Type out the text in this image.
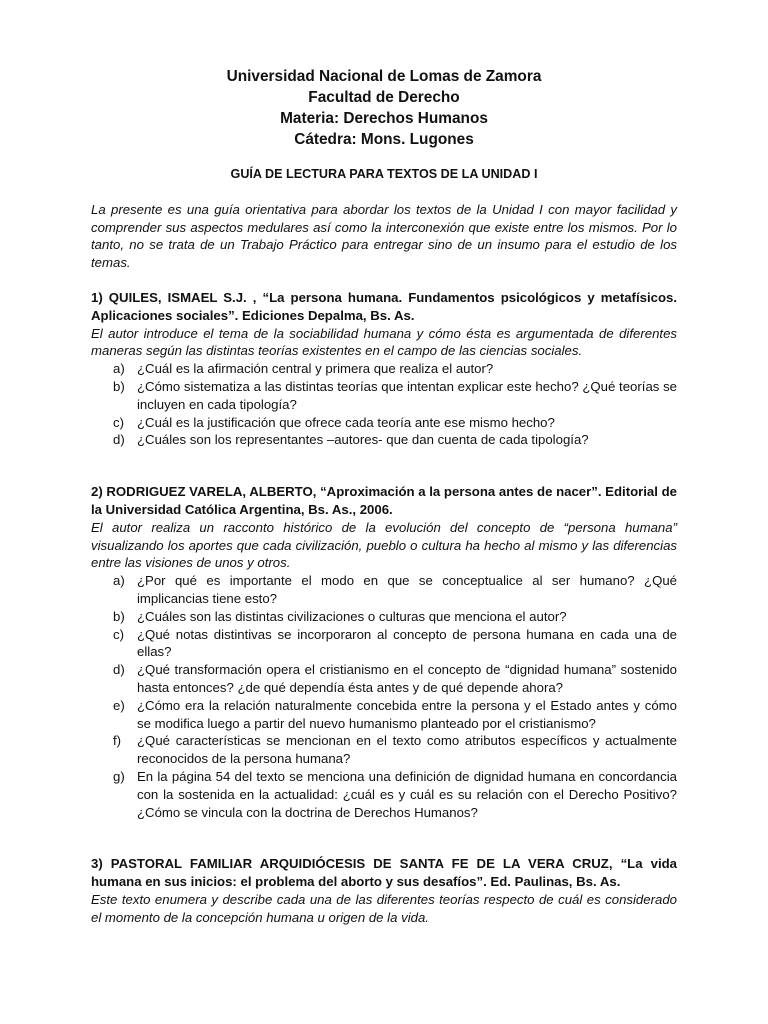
Universidad Nacional de Lomas de Zamora
Facultad de Derecho
Materia: Derechos Humanos
Cátedra: Mons. Lugones
GUÍA DE LECTURA PARA TEXTOS DE LA UNIDAD I

La presente es una guía orientativa para abordar los textos de la Unidad I con mayor facilidad y comprender sus aspectos medulares así como la interconexión que existe entre los mismos. Por lo tanto, no se trata de un Trabajo Práctico para entregar sino de un insumo para el estudio de los temas.

1) QUILES, ISMAEL S.J. , “La persona humana. Fundamentos psicológicos y metafísicos. Aplicaciones sociales”. Ediciones Depalma, Bs. As.

El autor introduce el tema de la sociabilidad humana y cómo ésta es argumentada de diferentes maneras según las distintas teorías existentes en el campo de las ciencias sociales.

a) ¿Cuál es la afirmación central y primera que realiza el autor?
b) ¿Cómo sistematiza a las distintas teorías que intentan explicar este hecho? ¿Qué teorías se incluyen en cada tipología?
c) ¿Cuál es la justificación que ofrece cada teoría ante ese mismo hecho?
d) ¿Cuáles son los representantes –autores- que dan cuenta de cada tipología?

2) RODRIGUEZ VARELA, ALBERTO, “Aproximación a la persona antes de nacer”. Editorial de la Universidad Católica Argentina, Bs. As., 2006.

El autor realiza un racconto histórico de la evolución del concepto de “persona humana” visualizando los aportes que cada civilización, pueblo o cultura ha hecho al mismo y las diferencias entre las visiones de unos y otros.

a) ¿Por qué es importante el modo en que se conceptualice al ser humano? ¿Qué implicancias tiene esto?
b) ¿Cuáles son las distintas civilizaciones o culturas que menciona el autor?
c) ¿Qué notas distintivas se incorporaron al concepto de persona humana en cada una de ellas?
d) ¿Qué transformación opera el cristianismo en el concepto de “dignidad humana” sostenido hasta entonces? ¿de qué dependía ésta antes y de qué depende ahora?
e) ¿Cómo era la relación naturalmente concebida entre la persona y el Estado antes y cómo se modifica luego a partir del nuevo humanismo planteado por el cristianismo?
f) ¿Qué características se mencionan en el texto como atributos específicos y actualmente reconocidos de la persona humana?
g) En la página 54 del texto se menciona una definición de dignidad humana en concordancia con la sostenida en la actualidad: ¿cuál es y cuál es su relación con el Derecho Positivo? ¿Cómo se vincula con la doctrina de Derechos Humanos?

3) PASTORAL FAMILIAR ARQUIDIÓCESIS DE SANTA FE DE LA VERA CRUZ, “La vida humana en sus inicios: el problema del aborto y sus desafíos”. Ed. Paulinas, Bs. As.

Este texto enumera y describe cada una de las diferentes teorías respecto de cuál es considerado el momento de la concepción humana u origen de la vida.
